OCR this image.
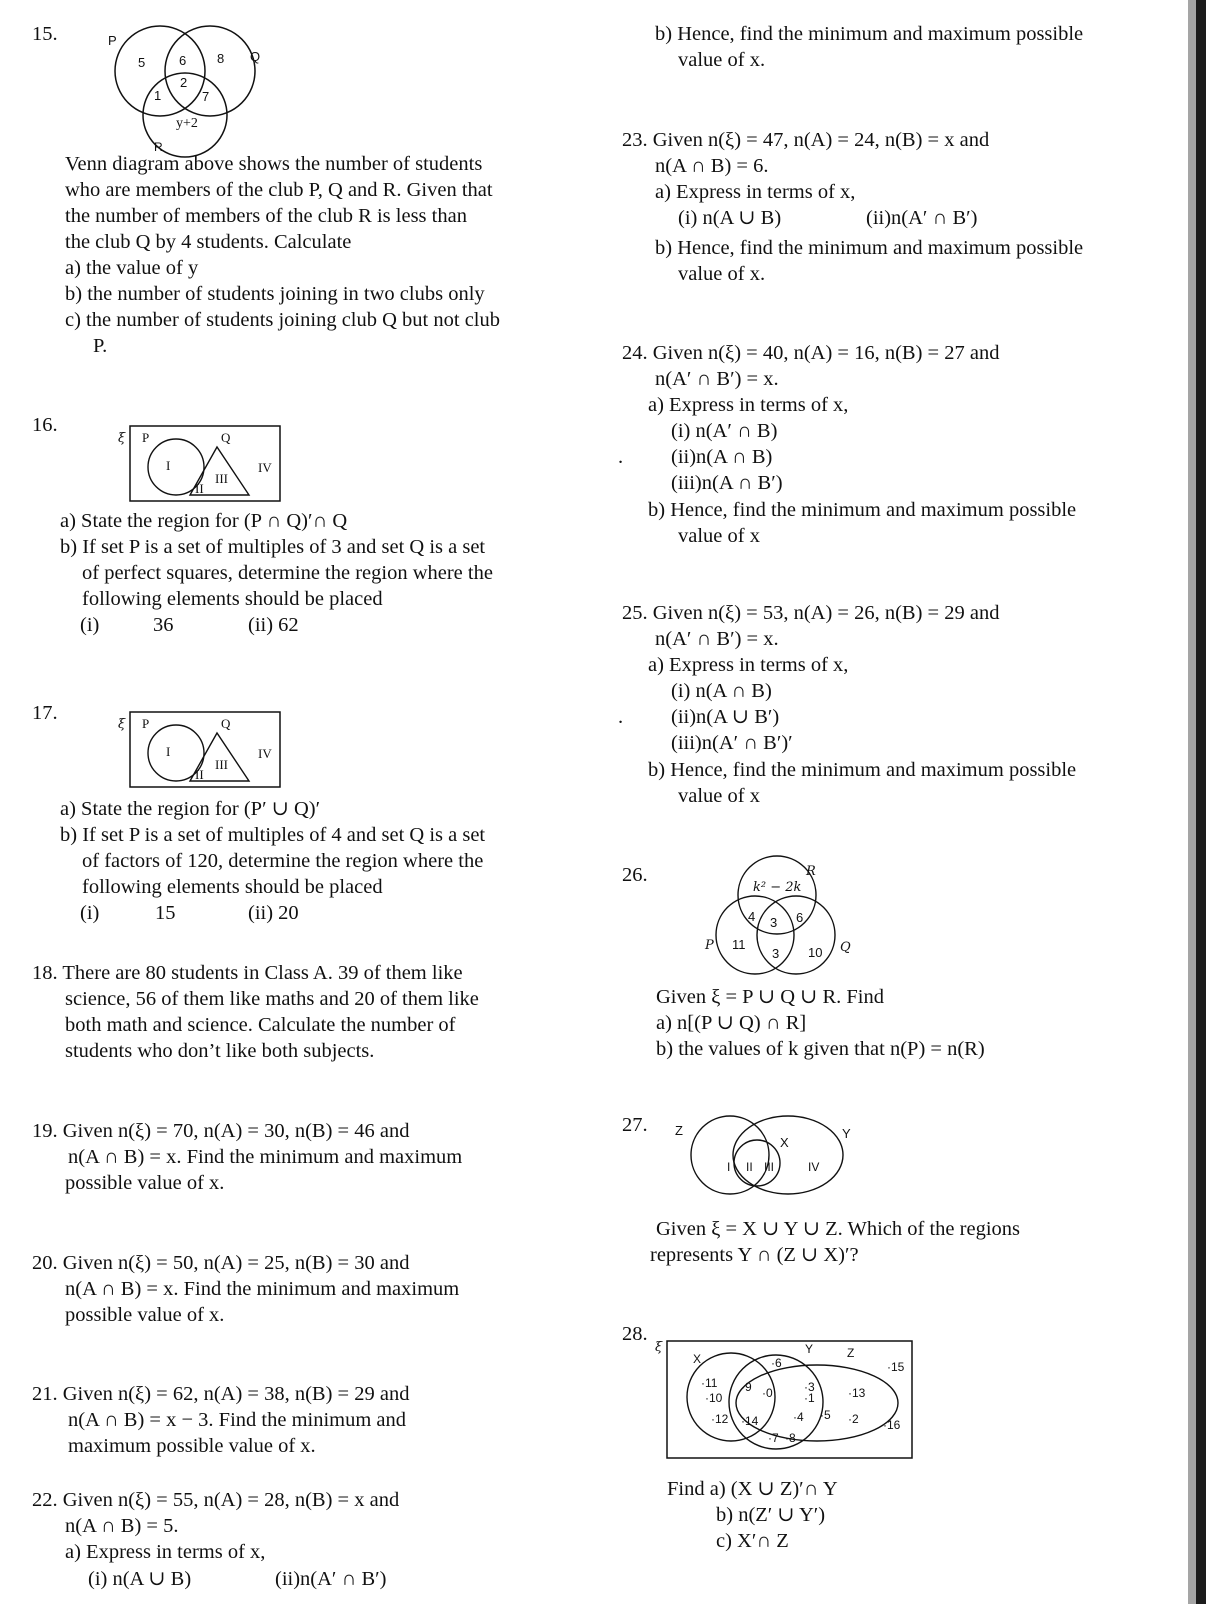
15.	P
Q
R
5	6 8
2
1	7
y+2
Venn diagram above shows the number of students
who are members of the club P, Q and R. Given that
the number of members of the club R is less than
the club Q by 4 students. Calculate
a) the value of y
b) the number of students joining in two clubs only
c) the number of students joining club Q but not club
P.
16.
ξ P	Q
I
II
III
IV
a) State the region for (P ∩ Q)′∩ Q
b) If set P is a set of multiples of 3 and set Q is a set
of perfect squares, determine the region where the
following elements should be placed
(i)	36	(ii) 62
17.
ξ P	Q
I
II
III
IV
a) State the region for (P′ ∪ Q)′
b) If set P is a set of multiples of 4 and set Q is a set
of factors of 120, determine the region where the
following elements should be placed
(i)	15	(ii) 20
18. There are 80 students in Class A. 39 of them like
science, 56 of them like maths and 20 of them like
both math and science. Calculate the number of
students who don’t like both subjects.
19. Given n(ξ) = 70, n(A) = 30, n(B) = 46 and
n(A ∩ B) = x. Find the minimum and maximum
possible value of x.
20. Given n(ξ) = 50, n(A) = 25, n(B) = 30 and
n(A ∩ B) = x. Find the minimum and maximum
possible value of x.
21. Given n(ξ) = 62, n(A) = 38, n(B) = 29 and
n(A ∩ B) = x − 3. Find the minimum and
maximum possible value of x.
22. Given n(ξ) = 55, n(A) = 28, n(B) = x and
n(A ∩ B) = 5.
a) Express in terms of x,
(i) n(A ∪ B)	(ii)n(A′ ∩ B′)
b) Hence, find the minimum and maximum possible
value of x.
23. Given n(ξ) = 47, n(A) = 24, n(B) = x and
n(A ∩ B) = 6.
a) Express in terms of x,
(i) n(A ∪ B)	(ii)n(A′ ∩ B′)
b) Hence, find the minimum and maximum possible
value of x.
24. Given n(ξ) = 40, n(A) = 16, n(B) = 27 and
n(A′ ∩ B′) = x.
a) Express in terms of x,
(i) n(A′ ∩ B)
. (ii)n(A ∩ B)
(iii)n(A ∩ B′)
b) Hence, find the minimum and maximum possible
value of x
25. Given n(ξ) = 53, n(A) = 26, n(B) = 29 and
n(A′ ∩ B′) = x.
a) Express in terms of x,
(i) n(A ∩ B)
. (ii)n(A ∪ B′)
(iii)n(A′ ∩ B′)′
b) Hence, find the minimum and maximum possible
value of x
26.	R
P	Q
k² − 2k
4 3 6
11
3 10
Given ξ = P ∪ Q ∪ R. Find
a) n[(P ∪ Q) ∩ R]
b) the values of k given that n(P) = n(R)
27. Z
X
Y
I II III	IV
Given ξ = X ∪ Y ∪ Z. Which of the regions
represents Y ∩ (Z ∪ X)′?
28.
ξ
X
Y	Z
·6	·15
·11 ·9 ·0	·3
·1	·13
·10
·4 ·5
·12 ·14	·2 ·16
·7 ·8
Find a) (X ∪ Z)′∩ Y
b) n(Z′ ∪ Y′)
c) X′∩ Z
